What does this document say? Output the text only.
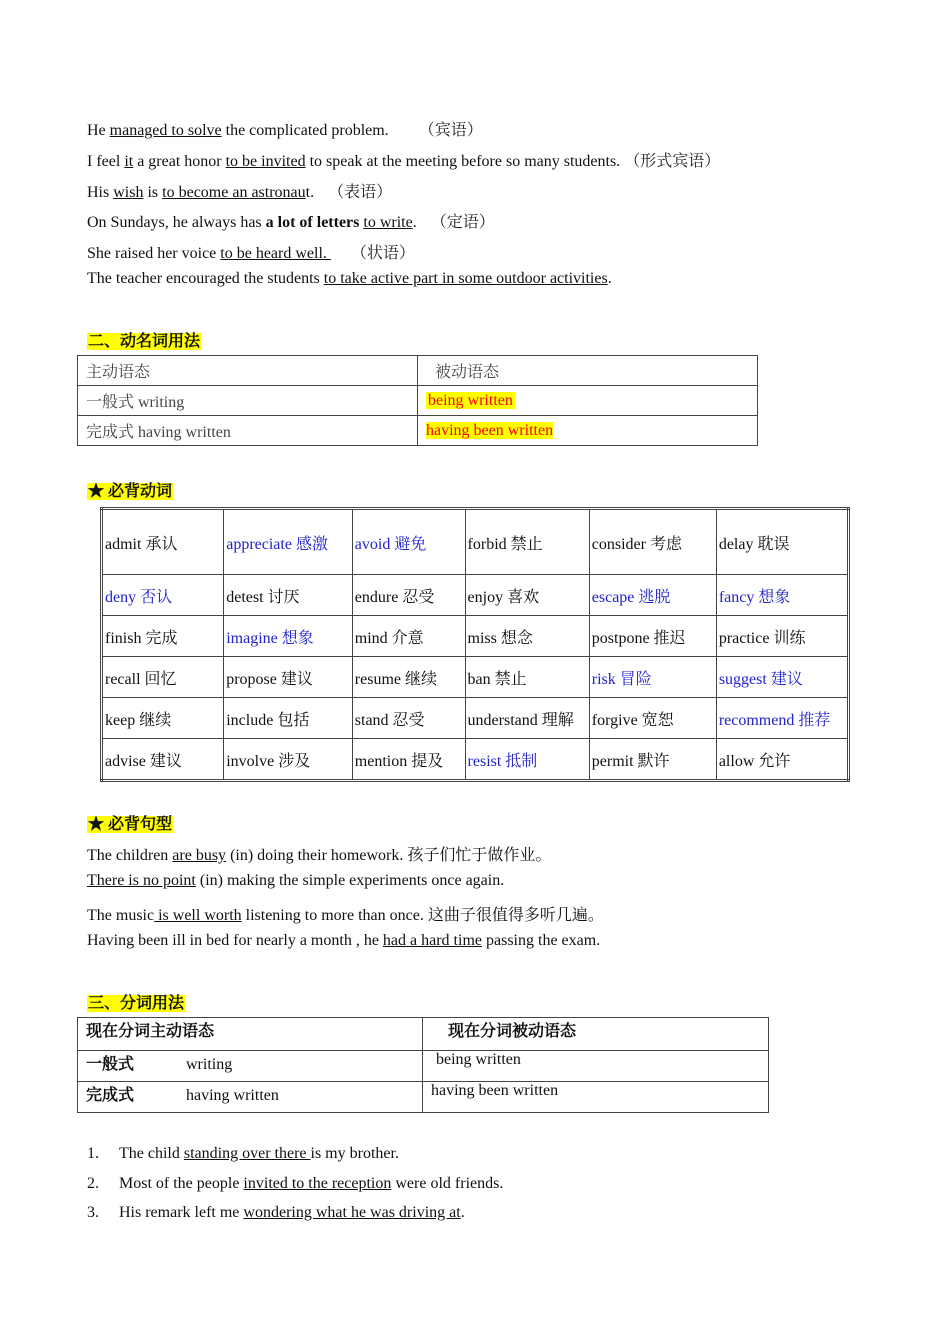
He managed to solve the complicated problem. （宾语）
I feel it a great honor to be invited to speak at the meeting before so many students. （形式宾语）
His wish is to become an astronaut. （表语）
On Sundays, he always has a lot of letters to write. （定语）
She raised her voice to be heard well. （状语）
The teacher encouraged the students to take active part in some outdoor activities.
二、动名词用法
主动语态	被动语态
一般式 writing	being written
完成式 having written	having been written
★ 必背动词
admit 承认	appreciate 感激	avoid 避免	forbid 禁止	consider 考虑	delay 耽误
deny 否认	detest 讨厌	endure 忍受	enjoy 喜欢	escape 逃脱	fancy 想象
finish 完成	imagine 想象	mind 介意	miss 想念	postpone 推迟	practice 训练
recall 回忆	propose 建议	resume 继续	ban 禁止	risk 冒险	suggest 建议
keep 继续	include 包括	stand 忍受	understand 理解	forgive 宽恕	recommend 推荐
advise 建议	involve 涉及	mention 提及	resist 抵制	permit 默许	allow 允许
★ 必背句型
The children are busy (in) doing their homework. 孩子们忙于做作业。
There is no point (in) making the simple experiments once again.
The music is well worth listening to more than once. 这曲子很值得多听几遍。
Having been ill in bed for nearly a month , he had a hard time passing the exam.
三、分词用法
现在分词主动语态	现在分词被动语态
一般式 writing	being written
完成式 having written	having been written
1. The child standing over there is my brother.
2. Most of the people invited to the reception were old friends.
3. His remark left me wondering what he was driving at.
